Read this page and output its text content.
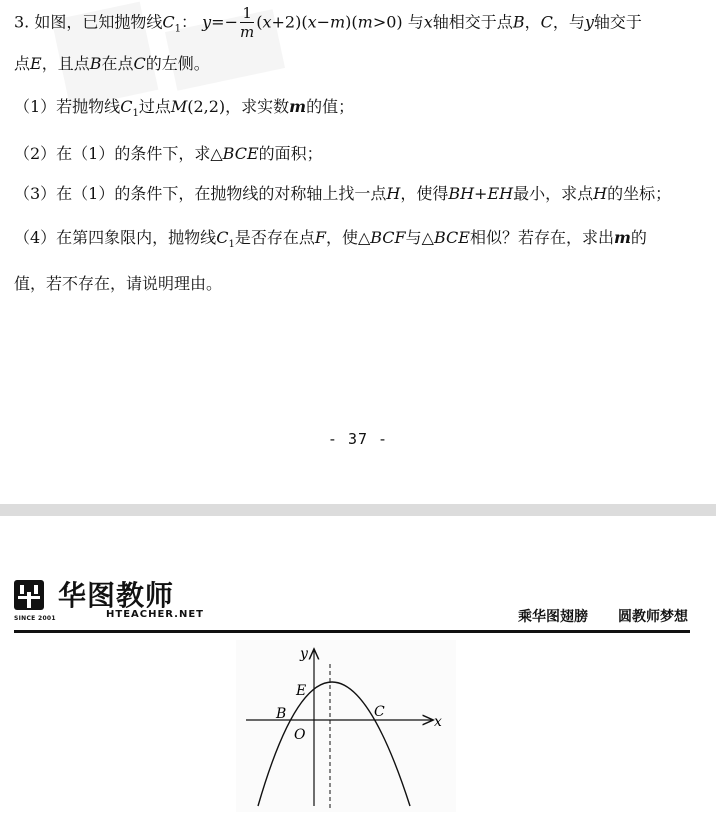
3. 如图，已知抛物线$C_1$： $y=- \frac{1}{m} (x+2)(x-m)(m>0)$ 与x轴相交于点B，C，与y轴交于
点E，且点B在点C的左侧。
（1）若抛物线$C_1$过点M(2,2)，求实数m的值；
（2）在（1）的条件下，求△BCE的面积；
（3）在（1）的条件下，在抛物线的对称轴上找一点H，使得BH+EH最小，求点H的坐标；
（4）在第四象限内，抛物线$C_1$是否存在点F，使△BCF与△BCE相似？若存在，求出m的
值，若不存在，请说明理由。
- 37 -
SINCE 2001
华图教师
HTEACHER.NET	乘华图翅膀 圆教师梦想
y
x
E
B	C
O
